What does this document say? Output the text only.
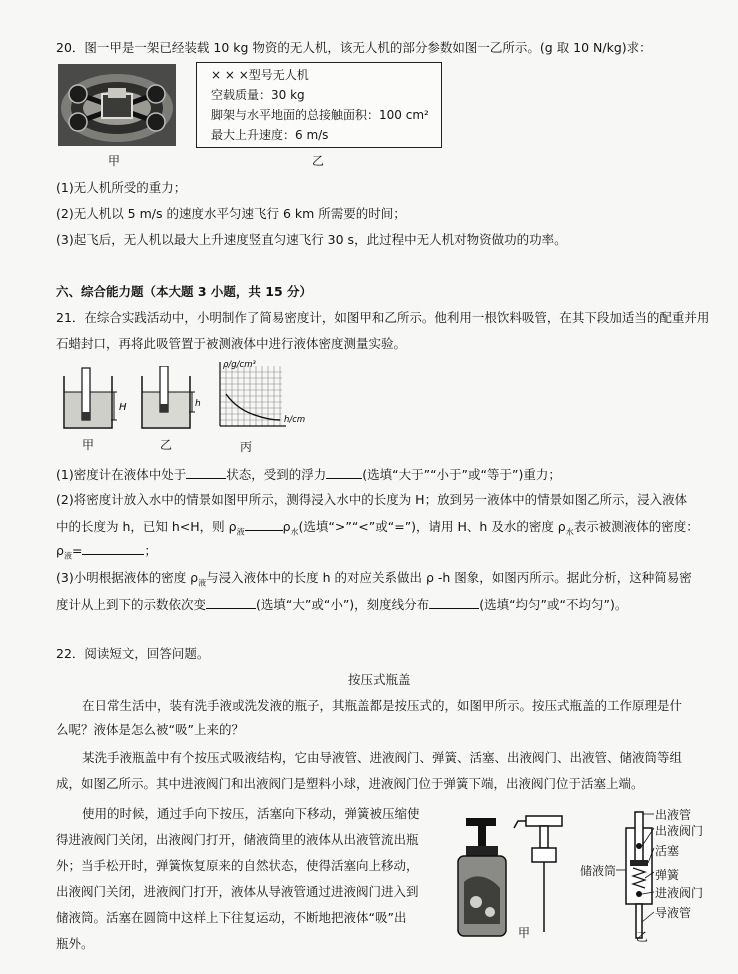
20．图一甲是一架已经装载 10 kg 物资的无人机，该无人机的部分参数如图一乙所示。(g 取 10 N/kg)求：
甲
× × ×型号无人机
空载质量：30 kg
脚架与水平地面的总接触面积：100 cm²
最大上升速度：6 m/s
乙
(1)无人机所受的重力；
(2)无人机以 5 m/s 的速度水平匀速飞行 6 km 所需要的时间；
(3)起飞后，无人机以最大上升速度竖直匀速飞行 30 s，此过程中无人机对物资做功的功率。
六、综合能力题（本大题 3 小题，共 15 分）
21．在综合实践活动中，小明制作了简易密度计，如图甲和乙所示。他利用一根饮料吸管，在其下段加适当的配重并用
石蜡封口，再将此吸管置于被测液体中进行液体密度测量实验。
H
甲
h
乙
ρ/g/cm³
h/cm
丙
(1)密度计在液体中处于	状态，受到的浮力	(选填“大于”“小于”或“等于”)重力；
(2)将密度计放入水中的情景如图甲所示，测得浸入水中的长度为 H；放到另一液体中的情景如图乙所示，浸入液体
中的长度为 h，已知 h<H，则 $\rho_液$	$\rho_水$(选填“>”“<”或“=”)，请用 H、h 及水的密度 $\rho_水$表示被测液体的密度：
$\rho_液=$	；
(3)小明根据液体的密度 $\rho_液$与浸入液体中的长度 h 的对应关系做出 ρ -h 图象，如图丙所示。据此分析，这种简易密
度计从上到下的示数依次变	(选填“大”或“小”)，刻度线分布	(选填“均匀”或“不均匀”)。
22．阅读短文，回答问题。
按压式瓶盖
在日常生活中，装有洗手液或洗发液的瓶子，其瓶盖都是按压式的，如图甲所示。按压式瓶盖的工作原理是什
么呢？液体是怎么被“吸”上来的？
某洗手液瓶盖中有个按压式吸液结构，它由导液管、进液阀门、弹簧、活塞、出液阀门、出液管、储液筒等组
成，如图乙所示。其中进液阀门和出液阀门是塑料小球，进液阀门位于弹簧下端，出液阀门位于活塞上端。
使用的时候，通过手向下按压，活塞向下移动，弹簧被压缩使
得进液阀门关闭，出液阀门打开，储液筒里的液体从出液管流出瓶
外；当手松开时，弹簧恢复原来的自然状态，使得活塞向上移动，
出液阀门关闭，进液阀门打开，液体从导液管通过进液阀门进入到
储液筒。活塞在圆筒中这样上下往复运动，不断地把液体“吸”出
瓶外。
甲
出液管
出液阀门
活塞
弹簧
进液阀门
导液管
储液筒
乙
